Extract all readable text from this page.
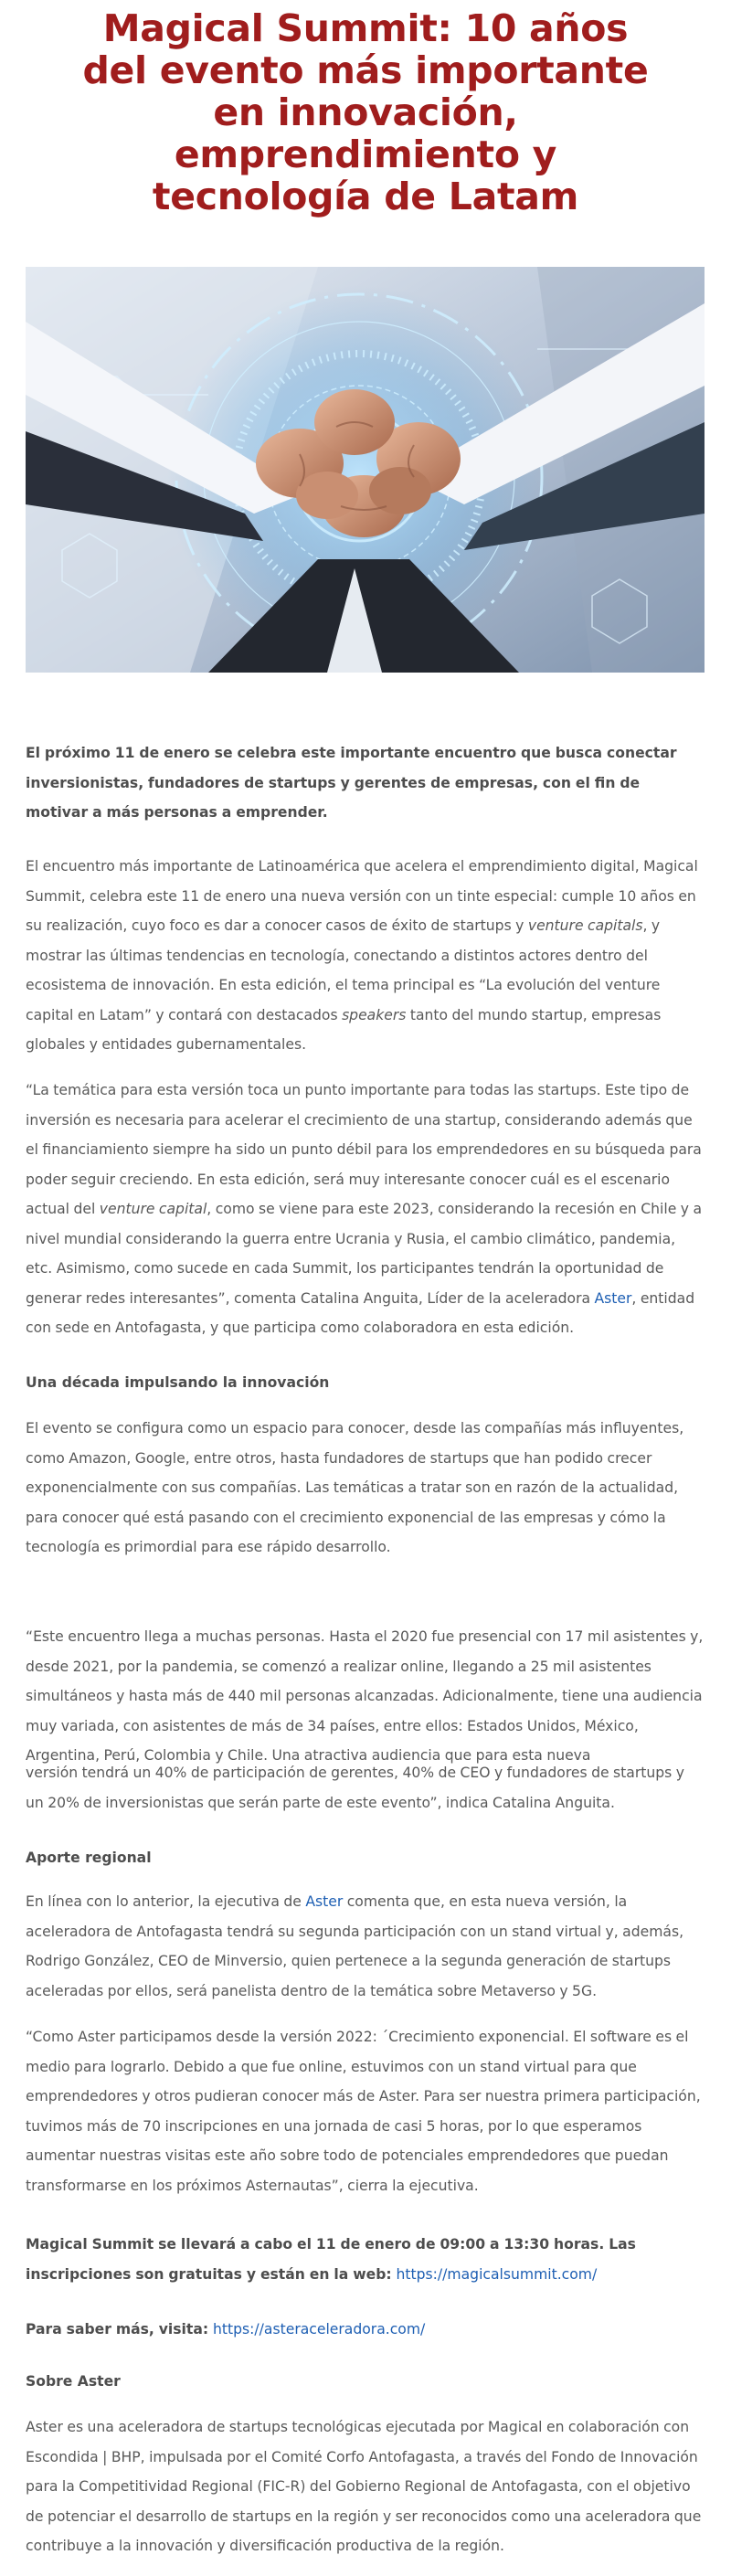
Magical Summit: 10 años del evento más importante en innovación, emprendimiento y tecnología de Latam

El próximo 11 de enero se celebra este importante encuentro que busca conectar inversionistas, fundadores de startups y gerentes de empresas, con el fin de motivar a más personas a emprender.

El encuentro más importante de Latinoamérica que acelera el emprendimiento digital, Magical Summit, celebra este 11 de enero una nueva versión con un tinte especial: cumple 10 años en su realización, cuyo foco es dar a conocer casos de éxito de startups y venture capitals, y mostrar las últimas tendencias en tecnología, conectando a distintos actores dentro del ecosistema de innovación. En esta edición, el tema principal es “La evolución del venture capital en Latam” y contará con destacados speakers tanto del mundo startup, empresas globales y entidades gubernamentales.

“La temática para esta versión toca un punto importante para todas las startups. Este tipo de inversión es necesaria para acelerar el crecimiento de una startup, considerando además que el financiamiento siempre ha sido un punto débil para los emprendedores en su búsqueda para poder seguir creciendo. En esta edición, será muy interesante conocer cuál es el escenario actual del venture capital, como se viene para este 2023, considerando la recesión en Chile y a nivel mundial considerando la guerra entre Ucrania y Rusia, el cambio climático, pandemia, etc. Asimismo, como sucede en cada Summit, los participantes tendrán la oportunidad de generar redes interesantes”, comenta Catalina Anguita, Líder de la aceleradora Aster, entidad con sede en Antofagasta, y que participa como colaboradora en esta edición.

Una década impulsando la innovación

El evento se configura como un espacio para conocer, desde las compañías más influyentes, como Amazon, Google, entre otros, hasta fundadores de startups que han podido crecer exponencialmente con sus compañías. Las temáticas a tratar son en razón de la actualidad, para conocer qué está pasando con el crecimiento exponencial de las empresas y cómo la tecnología es primordial para ese rápido desarrollo.

“Este encuentro llega a muchas personas. Hasta el 2020 fue presencial con 17 mil asistentes y, desde 2021, por la pandemia, se comenzó a realizar online, llegando a 25 mil asistentes simultáneos y hasta más de 440 mil personas alcanzadas. Adicionalmente, tiene una audiencia muy variada, con asistentes de más de 34 países, entre ellos: Estados Unidos, México, Argentina, Perú, Colombia y Chile. Una atractiva audiencia que para esta nueva

versión tendrá un 40% de participación de gerentes, 40% de CEO y fundadores de startups y un 20% de inversionistas que serán parte de este evento”, indica Catalina Anguita.

Aporte regional

En línea con lo anterior, la ejecutiva de Aster comenta que, en esta nueva versión, la aceleradora de Antofagasta tendrá su segunda participación con un stand virtual y, además, Rodrigo González, CEO de Minversio, quien pertenece a la segunda generación de startups aceleradas por ellos, será panelista dentro de la temática sobre Metaverso y 5G.

“Como Aster participamos desde la versión 2022: ´Crecimiento exponencial. El software es el medio para lograrlo. Debido a que fue online, estuvimos con un stand virtual para que emprendedores y otros pudieran conocer más de Aster. Para ser nuestra primera participación, tuvimos más de 70 inscripciones en una jornada de casi 5 horas, por lo que esperamos aumentar nuestras visitas este año sobre todo de potenciales emprendedores que puedan transformarse en los próximos Asternautas”, cierra la ejecutiva.

Magical Summit se llevará a cabo el 11 de enero de 09:00 a 13:30 horas. Las inscripciones son gratuitas y están en la web: https://magicalsummit.com/

Para saber más, visita: https://asteraceleradora.com/

Sobre Aster

Aster es una aceleradora de startups tecnológicas ejecutada por Magical en colaboración con Escondida | BHP, impulsada por el Comité Corfo Antofagasta, a través del Fondo de Innovación para la Competitividad Regional (FIC-R) del Gobierno Regional de Antofagasta, con el objetivo de potenciar el desarrollo de startups en la región y ser reconocidos como una aceleradora que contribuye a la innovación y diversificación productiva de la región.
